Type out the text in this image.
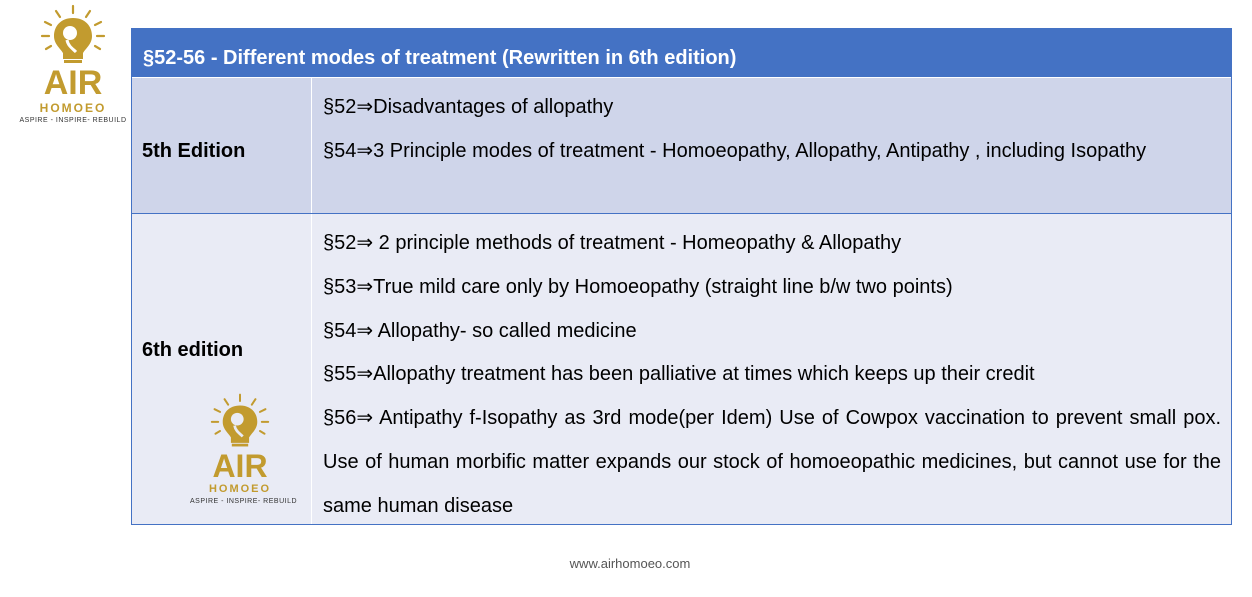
AIR
HOMOEO
ASPIRE - INSPIRE- REBUILD
§52-56 - Different modes of treatment (Rewritten in 6th edition)
5th Edition

§52⇒Disadvantages of allopathy

§54⇒3 Principle modes of treatment - Homoeopathy, Allopathy, Antipathy , including Isopathy

6th edition

§52⇒ 2 principle methods of treatment - Homeopathy & Allopathy

§53⇒True mild care only by Homoeopathy (straight line b/w two points)

§54⇒ Allopathy- so called medicine

§55⇒Allopathy treatment has been palliative at times which keeps up their credit

§56⇒ Antipathy f-Isopathy as 3rd mode(per Idem) Use of Cowpox vaccination to prevent small pox. Use of human morbific matter expands our stock of homoeopathic medicines, but cannot use for the same human disease

AIR
HOMOEO
ASPIRE - INSPIRE- REBUILD
www.airhomoeo.com
